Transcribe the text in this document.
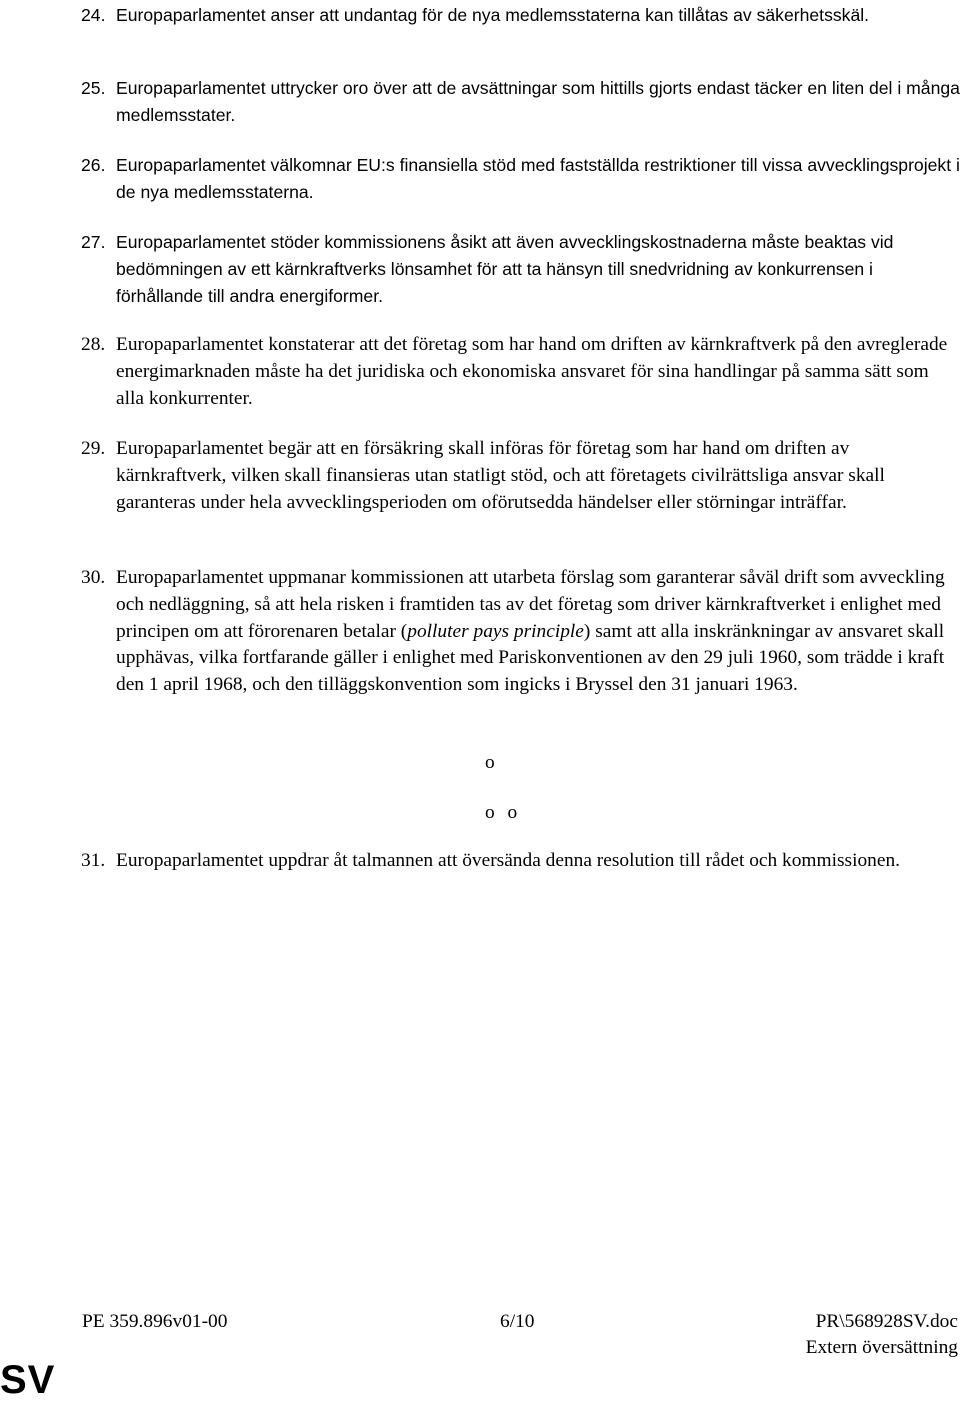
24. Europaparlamentet anser att undantag för de nya medlemsstaterna kan tillåtas av säkerhetsskäl.
25. Europaparlamentet uttrycker oro över att de avsättningar som hittills gjorts endast täcker en liten del i många medlemsstater.
26. Europaparlamentet välkomnar EU:s finansiella stöd med fastställda restriktioner till vissa avvecklingsprojekt i de nya medlemsstaterna.
27. Europaparlamentet stöder kommissionens åsikt att även avvecklingskostnaderna måste beaktas vid bedömningen av ett kärnkraftverks lönsamhet för att ta hänsyn till snedvridning av konkurrensen i förhållande till andra energiformer.
28. Europaparlamentet konstaterar att det företag som har hand om driften av kärnkraftverk på den avreglerade energimarknaden måste ha det juridiska och ekonomiska ansvaret för sina handlingar på samma sätt som alla konkurrenter.
29. Europaparlamentet begär att en försäkring skall införas för företag som har hand om driften av kärnkraftverk, vilken skall finansieras utan statligt stöd, och att företagets civilrättsliga ansvar skall garanteras under hela avvecklingsperioden om oförutsedda händelser eller störningar inträffar.
30. Europaparlamentet uppmanar kommissionen att utarbeta förslag som garanterar såväl drift som avveckling och nedläggning, så att hela risken i framtiden tas av det företag som driver kärnkraftverket i enlighet med principen om att förorenaren betalar (polluter pays principle) samt att alla inskränkningar av ansvaret skall upphävas, vilka fortfarande gäller i enlighet med Pariskonventionen av den 29 juli 1960, som trädde i kraft den 1 april 1968, och den tilläggskonvention som ingicks i Bryssel den 31 januari 1963.
o
o o
31. Europaparlamentet uppdrar åt talmannen att översända denna resolution till rådet och kommissionen.
PE 359.896v01-00	6/10	PR\568928SV.doc
Extern översättning
SV
